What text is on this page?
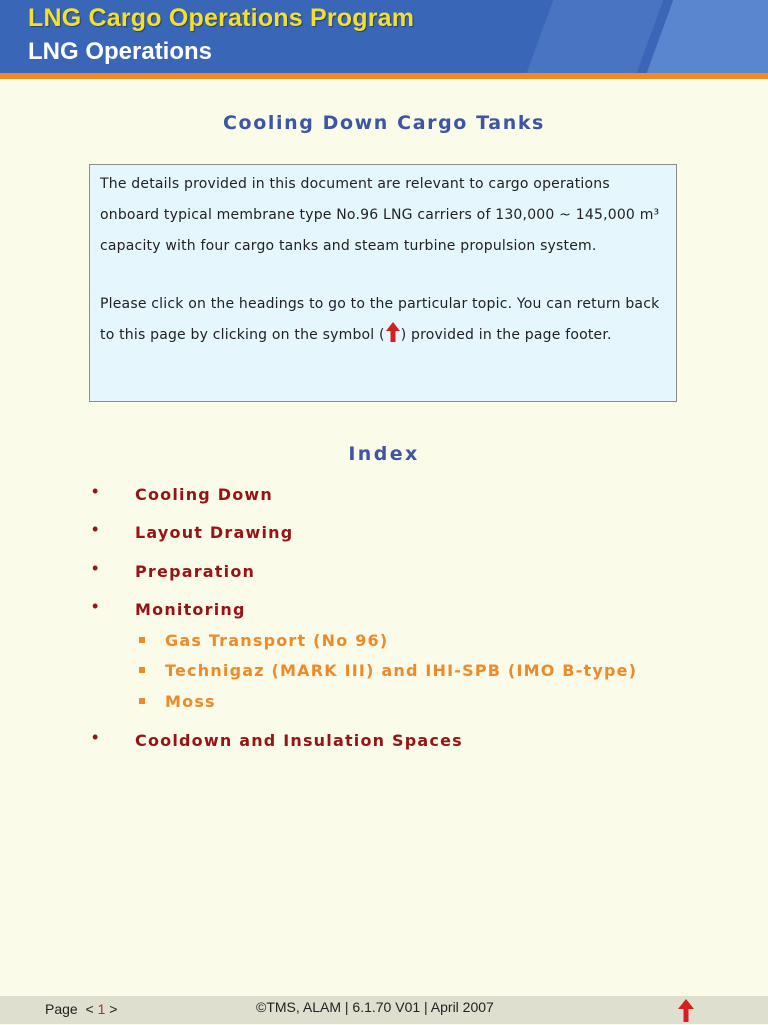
LNG Cargo Operations Program
LNG Operations
Cooling Down Cargo Tanks

The details provided in this document are relevant to cargo operations onboard typical membrane type No.96 LNG carriers of 130,000 ~ 145,000 m³ capacity with four cargo tanks and steam turbine propulsion system.

Please click on the headings to go to the particular topic. You can return back to this page by clicking on the symbol ( ) provided in the page footer.

Index
• Cooling Down
• Layout Drawing
• Preparation
• Monitoring
Gas Transport (No 96)
Technigaz (MARK III) and IHI-SPB (IMO B-type)
Moss
• Cooldown and Insulation Spaces
Page < 1 >	©TMS, ALAM | 6.1.70 V01 | April 2007
